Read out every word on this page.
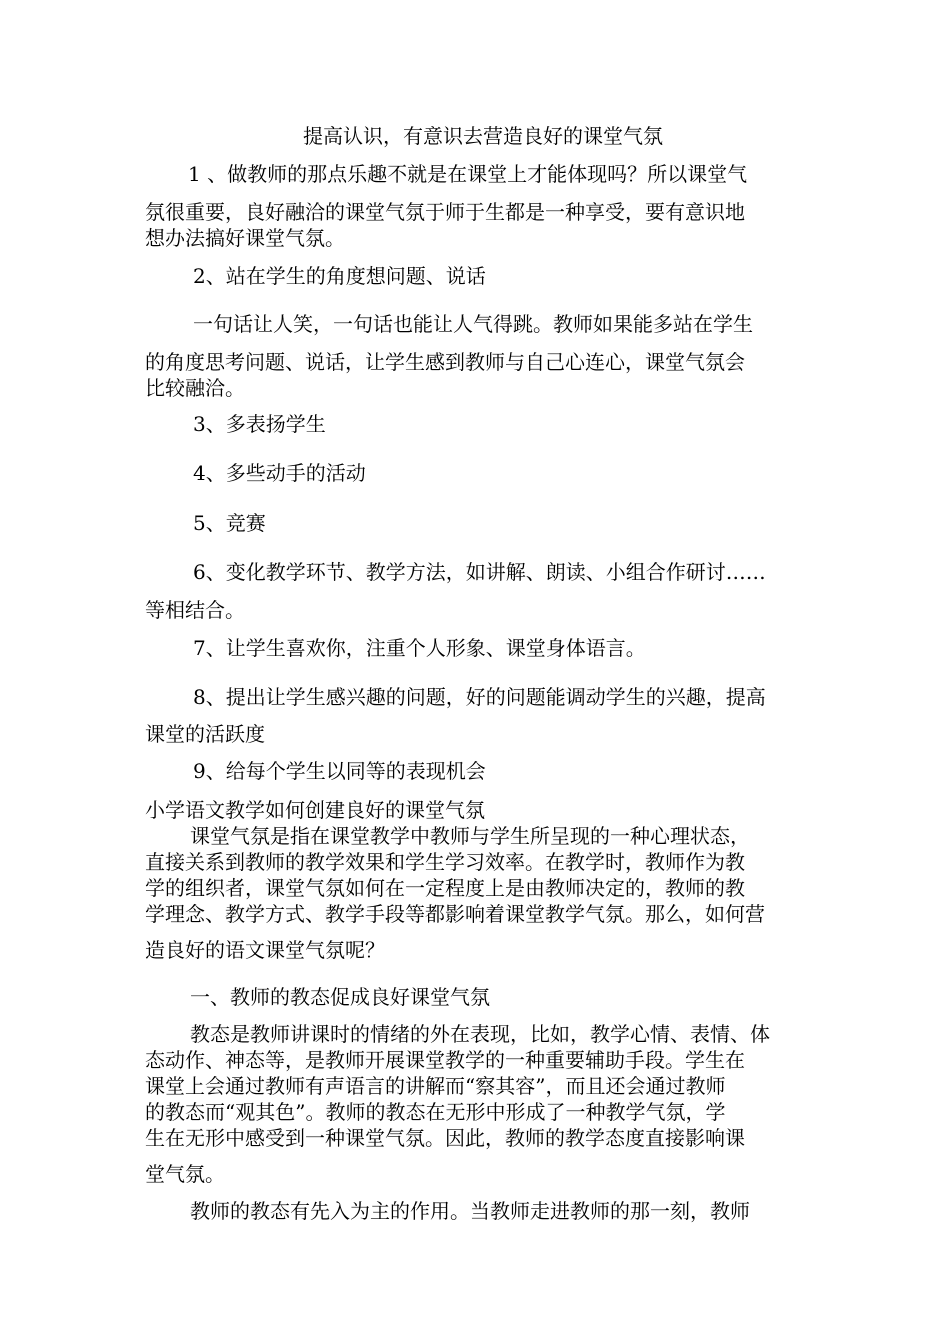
提高认识，有意识去营造良好的课堂气氛

1 、做教师的那点乐趣不就是在课堂上才能体现吗？所以课堂气

氛很重要，良好融洽的课堂气氛于师于生都是一种享受，要有意识地

想办法搞好课堂气氛。

2、站在学生的角度想问题、说话

一句话让人笑，一句话也能让人气得跳。教师如果能多站在学生

的角度思考问题、说话，让学生感到教师与自己心连心，课堂气氛会

比较融洽。

3、多表扬学生

4、多些动手的活动

5、竞赛

6、变化教学环节、教学方法，如讲解、朗读、小组合作研讨……

等相结合。

7、让学生喜欢你，注重个人形象、课堂身体语言。

8、提出让学生感兴趣的问题，好的问题能调动学生的兴趣，提高

课堂的活跃度

9、给每个学生以同等的表现机会

小学语文教学如何创建良好的课堂气氛

课堂气氛是指在课堂教学中教师与学生所呈现的一种心理状态，

直接关系到教师的教学效果和学生学习效率。在教学时，教师作为教

学的组织者，课堂气氛如何在一定程度上是由教师决定的，教师的教

学理念、教学方式、教学手段等都影响着课堂教学气氛。那么，如何营

造良好的语文课堂气氛呢？

一、教师的教态促成良好课堂气氛

教态是教师讲课时的情绪的外在表现，比如，教学心情、表情、体

态动作、神态等，是教师开展课堂教学的一种重要辅助手段。学生在

课堂上会通过教师有声语言的讲解而“察其容”，而且还会通过教师

的教态而“观其色”。教师的教态在无形中形成了一种教学气氛，学

生在无形中感受到一种课堂气氛。因此，教师的教学态度直接影响课

堂气氛。

教师的教态有先入为主的作用。当教师走进教师的那一刻，教师
